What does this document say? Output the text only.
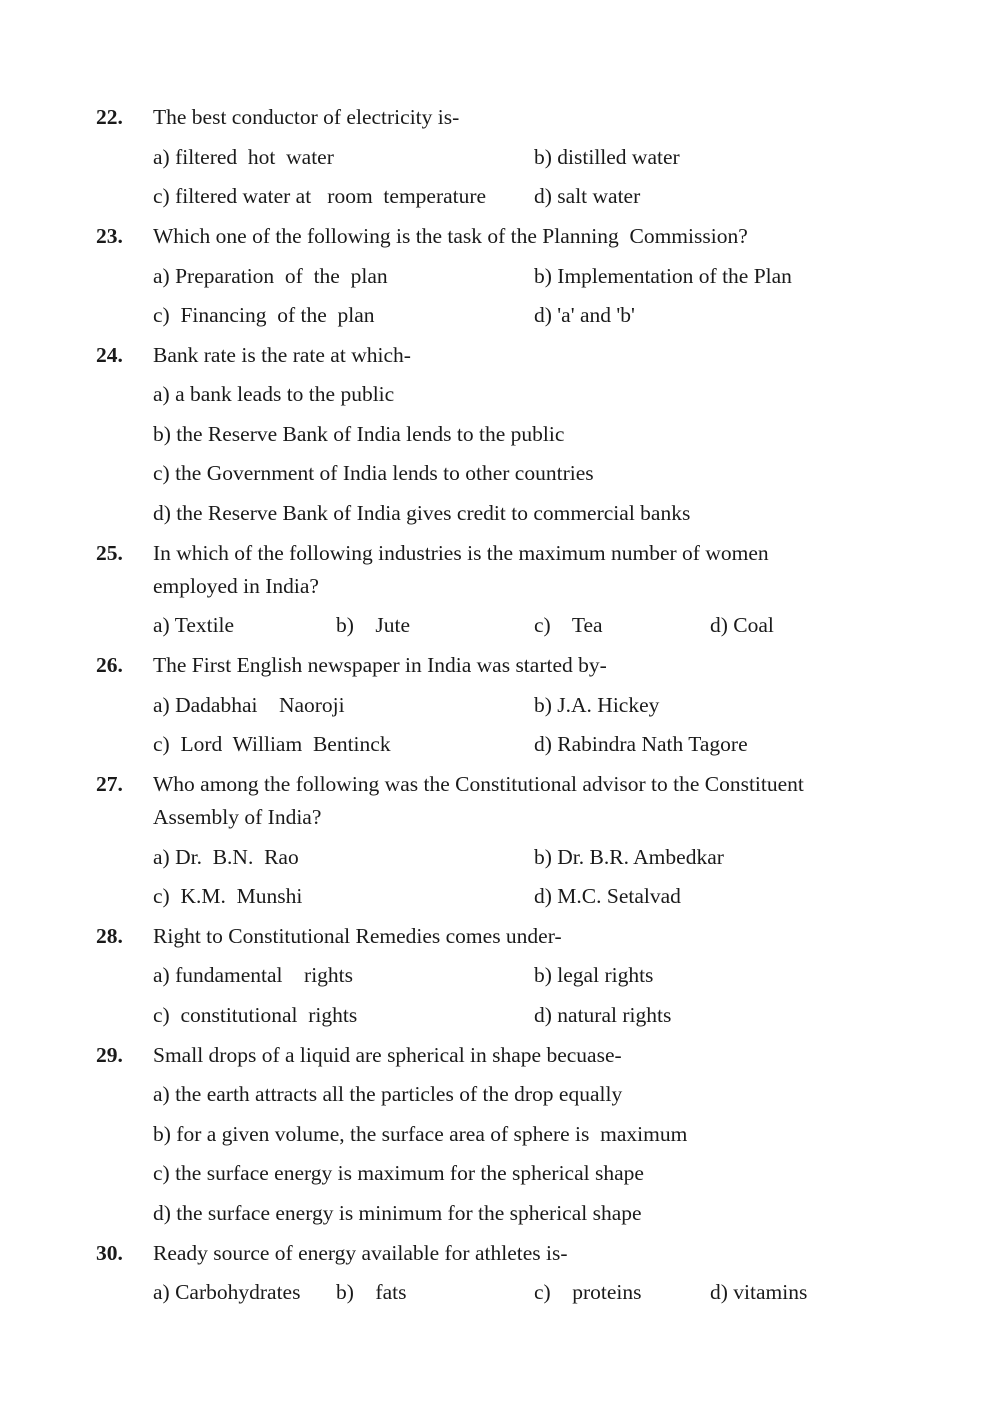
22. The best conductor of electricity is-
a) filtered  hot  water	b) distilled water
c) filtered water at   room  temperature d) salt water
23. Which one of the following is the task of the Planning  Commission?
a) Preparation  of  the  plan	b) Implementation of the Plan
c)  Financing  of the  plan	d) 'a' and 'b'
24. Bank rate is the rate at which-
a) a bank leads to the public
b) the Reserve Bank of India lends to the public
c) the Government of India lends to other countries
d) the Reserve Bank of India gives credit to commercial banks
25. In which of the following industries is the maximum number of women
employed in India?
a) Textile	b)    Jute	c)    Tea	d) Coal
26. The First English newspaper in India was started by-
a) Dadabhai    Naoroji	b) J.A. Hickey
c)  Lord  William  Bentinck	d) Rabindra Nath Tagore
27. Who among the following was the Constitutional advisor to the Constituent
Assembly of India?
a) Dr.  B.N.  Rao	b) Dr. B.R. Ambedkar
c)  K.M.  Munshi	d) M.C. Setalvad
28. Right to Constitutional Remedies comes under-
a) fundamental    rights	b) legal rights
c)  constitutional  rights	d) natural rights
29. Small drops of a liquid are spherical in shape becuase-
a) the earth attracts all the particles of the drop equally
b) for a given volume, the surface area of sphere is  maximum
c) the surface energy is maximum for the spherical shape
d) the surface energy is minimum for the spherical shape
30. Ready source of energy available for athletes is-
a) Carbohydrates b)    fats	c)    proteins	d) vitamins
